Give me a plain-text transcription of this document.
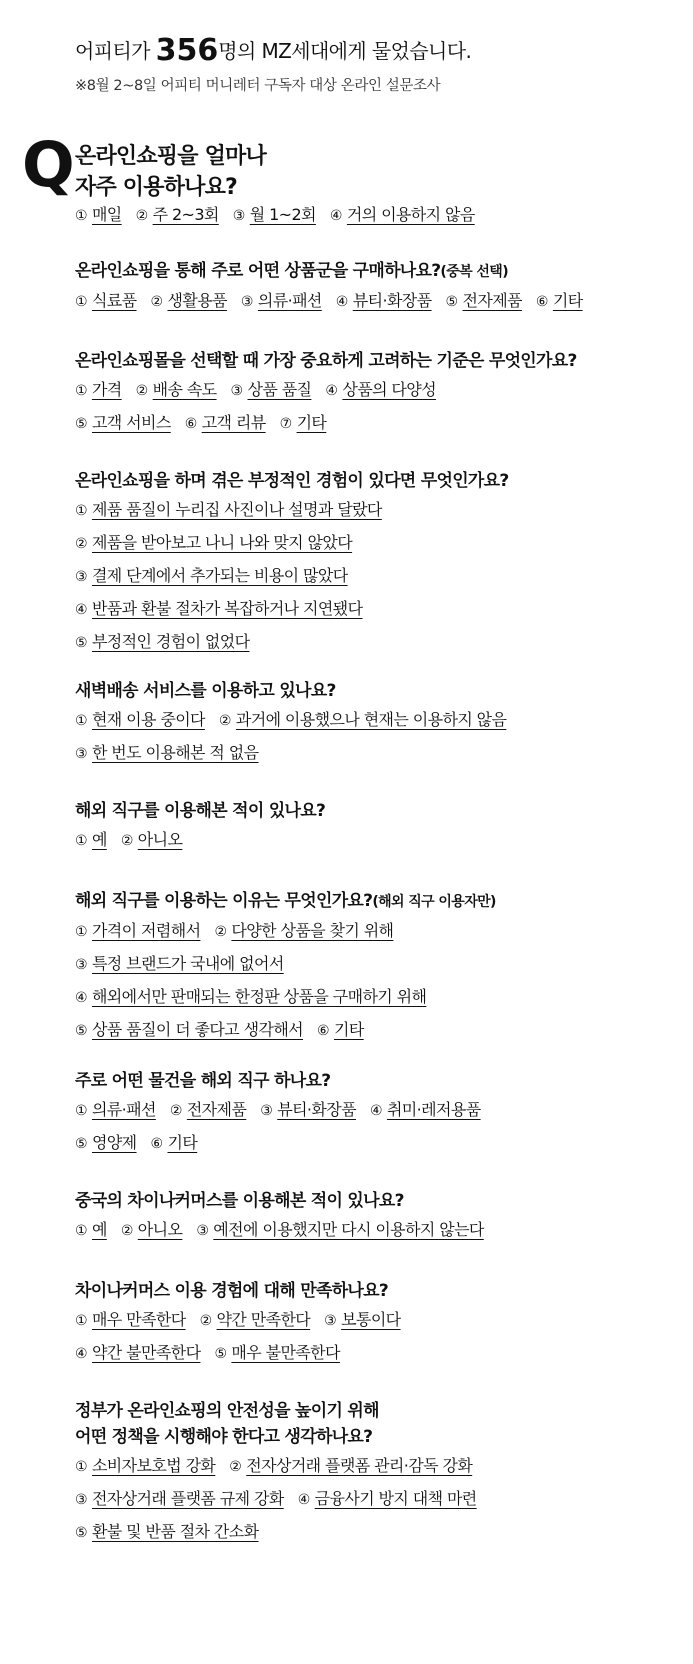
어피티가 356명의 MZ세대에게 물었습니다.
※8월 2~8일 어피티 머니레터 구독자 대상 온라인 설문조사
Q 온라인쇼핑을 얼마나
자주 이용하나요?
① 매일 ② 주 2~3회 ③ 월 1~2회 ④ 거의 이용하지 않음
온라인쇼핑을 통해 주로 어떤 상품군을 구매하나요?(중복 선택)
① 식료품 ② 생활용품 ③ 의류·패션 ④ 뷰티·화장품 ⑤ 전자제품 ⑥ 기타
온라인쇼핑몰을 선택할 때 가장 중요하게 고려하는 기준은 무엇인가요?
① 가격 ② 배송 속도 ③ 상품 품질 ④ 상품의 다양성
⑤ 고객 서비스 ⑥ 고객 리뷰 ⑦ 기타
온라인쇼핑을 하며 겪은 부정적인 경험이 있다면 무엇인가요?
① 제품 품질이 누리집 사진이나 설명과 달랐다
② 제품을 받아보고 나니 나와 맞지 않았다
③ 결제 단계에서 추가되는 비용이 많았다
④ 반품과 환불 절차가 복잡하거나 지연됐다
⑤ 부정적인 경험이 없었다
새벽배송 서비스를 이용하고 있나요?
① 현재 이용 중이다 ② 과거에 이용했으나 현재는 이용하지 않음
③ 한 번도 이용해본 적 없음
해외 직구를 이용해본 적이 있나요?
① 예 ② 아니오
해외 직구를 이용하는 이유는 무엇인가요?(해외 직구 이용자만)
① 가격이 저렴해서 ② 다양한 상품을 찾기 위해
③ 특정 브랜드가 국내에 없어서
④ 해외에서만 판매되는 한정판 상품을 구매하기 위해
⑤ 상품 품질이 더 좋다고 생각해서 ⑥ 기타
주로 어떤 물건을 해외 직구 하나요?
① 의류·패션 ② 전자제품 ③ 뷰티·화장품 ④ 취미·레저용품
⑤ 영양제 ⑥ 기타
중국의 차이나커머스를 이용해본 적이 있나요?
① 예 ② 아니오 ③ 예전에 이용했지만 다시 이용하지 않는다
차이나커머스 이용 경험에 대해 만족하나요?
① 매우 만족한다 ② 약간 만족한다 ③ 보통이다
④ 약간 불만족한다 ⑤ 매우 불만족한다
정부가 온라인쇼핑의 안전성을 높이기 위해
어떤 정책을 시행해야 한다고 생각하나요?
① 소비자보호법 강화 ② 전자상거래 플랫폼 관리·감독 강화
③ 전자상거래 플랫폼 규제 강화 ④ 금융사기 방지 대책 마련
⑤ 환불 및 반품 절차 간소화
